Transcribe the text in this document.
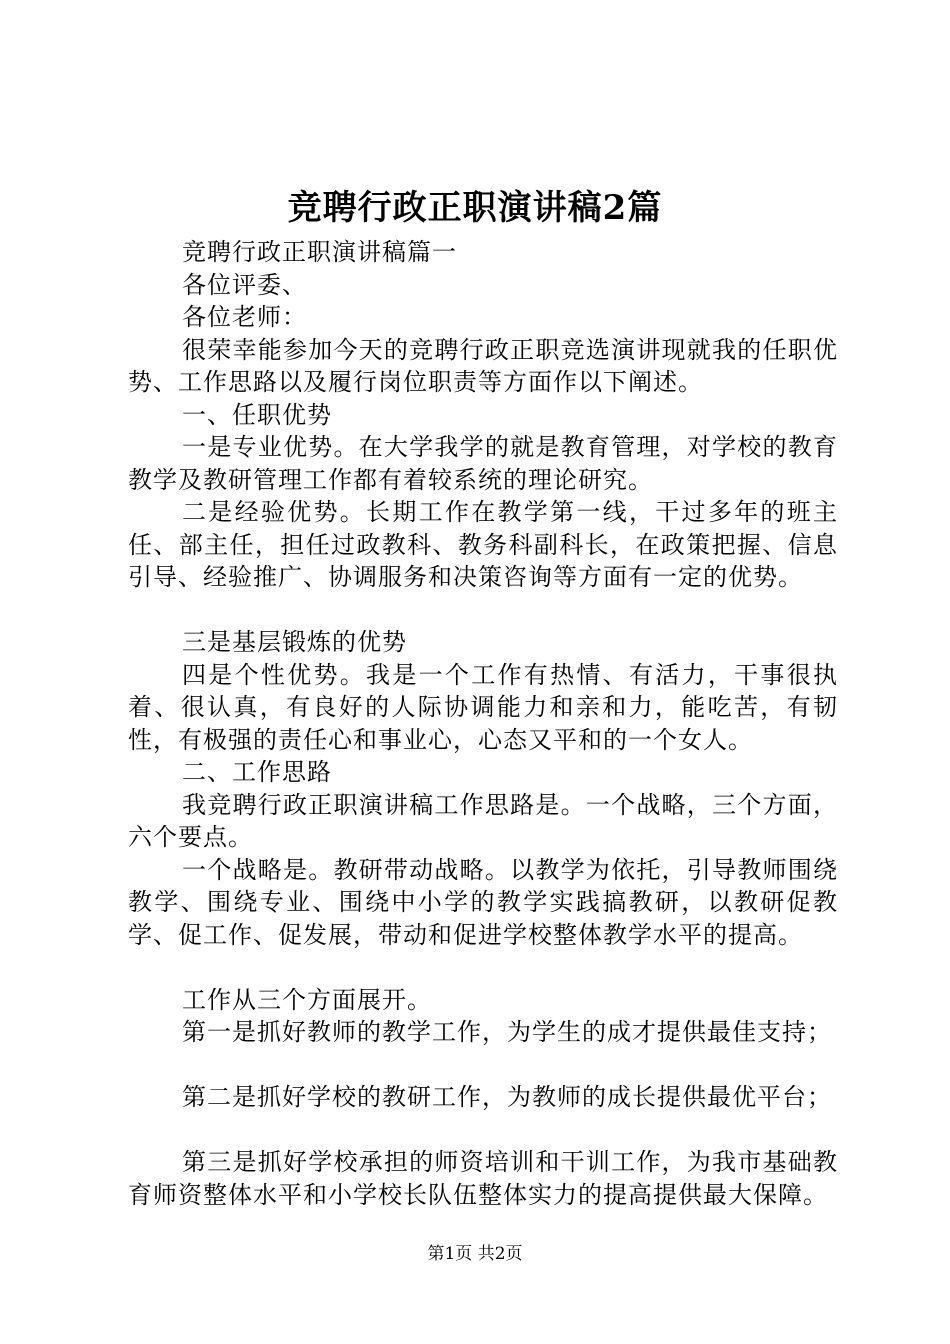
竞聘行政正职演讲稿2篇

竞聘行政正职演讲稿篇一

各位评委、

各位老师：

很荣幸能参加今天的竞聘行政正职竞选演讲现就我的任职优势、工作思路以及履行岗位职责等方面作以下阐述。

一、任职优势

一是专业优势。在大学我学的就是教育管理，对学校的教育教学及教研管理工作都有着较系统的理论研究。

二是经验优势。长期工作在教学第一线，干过多年的班主任、部主任，担任过政教科、教务科副科长，在政策把握、信息引导、经验推广、协调服务和决策咨询等方面有一定的优势。

三是基层锻炼的优势

四是个性优势。我是一个工作有热情、有活力，干事很执着、很认真，有良好的人际协调能力和亲和力，能吃苦，有韧性，有极强的责任心和事业心，心态又平和的一个女人。

二、工作思路

我竞聘行政正职演讲稿工作思路是。一个战略，三个方面，六个要点。

一个战略是。教研带动战略。以教学为依托，引导教师围绕教学、围绕专业、围绕中小学的教学实践搞教研，以教研促教学、促工作、促发展，带动和促进学校整体教学水平的提高。

工作从三个方面展开。

第一是抓好教师的教学工作，为学生的成才提供最佳支持；

第二是抓好学校的教研工作，为教师的成长提供最优平台；

第三是抓好学校承担的师资培训和干训工作，为我市基础教育师资整体水平和小学校长队伍整体实力的提高提供最大保障。

第1页 共2页
